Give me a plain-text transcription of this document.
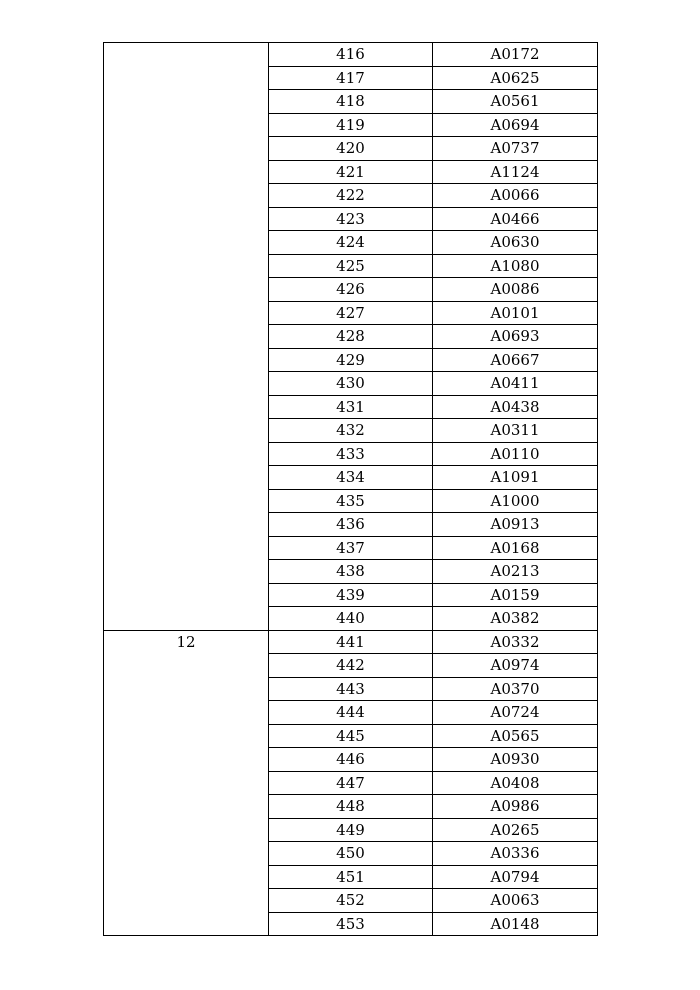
	416	A0172
	417	A0625
	418	A0561
	419	A0694
	420	A0737
	421	A1124
	422	A0066
	423	A0466
	424	A0630
	425	A1080
	426	A0086
	427	A0101
	428	A0693
	429	A0667
	430	A0411
	431	A0438
	432	A0311
	433	A0110
	434	A1091
	435	A1000
	436	A0913
	437	A0168
	438	A0213
	439	A0159
	440	A0382
12	441	A0332
	442	A0974
	443	A0370
	444	A0724
	445	A0565
	446	A0930
	447	A0408
	448	A0986
	449	A0265
	450	A0336
	451	A0794
	452	A0063
	453	A0148
